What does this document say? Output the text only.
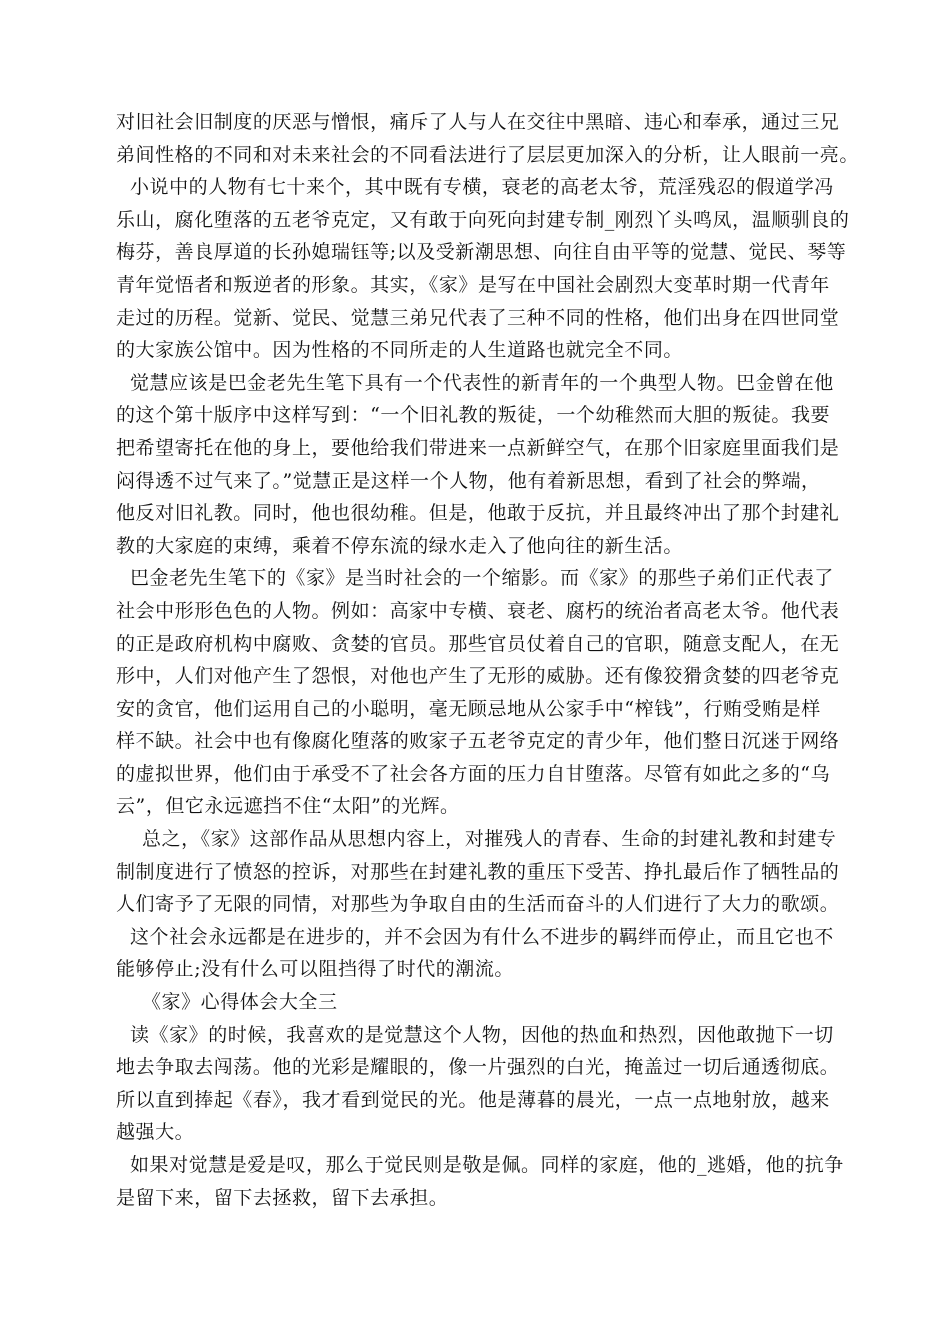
对旧社会旧制度的厌恶与憎恨，痛斥了人与人在交往中黑暗、违心和奉承，通过三兄
弟间性格的不同和对未来社会的不同看法进行了层层更加深入的分析，让人眼前一亮。
小说中的人物有七十来个，其中既有专横，衰老的高老太爷，荒淫残忍的假道学冯
乐山，腐化堕落的五老爷克定，又有敢于向死向封建专制_刚烈丫头鸣凤，温顺驯良的
梅芬，善良厚道的长孙媳瑞钰等;以及受新潮思想、向往自由平等的觉慧、觉民、琴等
青年觉悟者和叛逆者的形象。其实，《家》是写在中国社会剧烈大变革时期一代青年
走过的历程。觉新、觉民、觉慧三弟兄代表了三种不同的性格，他们出身在四世同堂
的大家族公馆中。因为性格的不同所走的人生道路也就完全不同。
觉慧应该是巴金老先生笔下具有一个代表性的新青年的一个典型人物。巴金曾在他
的这个第十版序中这样写到：“一个旧礼教的叛徒，一个幼稚然而大胆的叛徒。我要
把希望寄托在他的身上，要他给我们带进来一点新鲜空气，在那个旧家庭里面我们是
闷得透不过气来了。”觉慧正是这样一个人物，他有着新思想，看到了社会的弊端，
他反对旧礼教。同时，他也很幼稚。但是，他敢于反抗，并且最终冲出了那个封建礼
教的大家庭的束缚，乘着不停东流的绿水走入了他向往的新生活。
巴金老先生笔下的《家》是当时社会的一个缩影。而《家》的那些子弟们正代表了
社会中形形色色的人物。例如：高家中专横、衰老、腐朽的统治者高老太爷。他代表
的正是政府机构中腐败、贪婪的官员。那些官员仗着自己的官职，随意支配人，在无
形中，人们对他产生了怨恨，对他也产生了无形的威胁。还有像狡猾贪婪的四老爷克
安的贪官，他们运用自己的小聪明，毫无顾忌地从公家手中“榨钱”，行贿受贿是样
样不缺。社会中也有像腐化堕落的败家子五老爷克定的青少年，他们整日沉迷于网络
的虚拟世界，他们由于承受不了社会各方面的压力自甘堕落。尽管有如此之多的“乌
云”，但它永远遮挡不住“太阳”的光辉。
总之，《家》这部作品从思想内容上，对摧残人的青春、生命的封建礼教和封建专
制制度进行了愤怒的控诉，对那些在封建礼教的重压下受苦、挣扎最后作了牺牲品的
人们寄予了无限的同情，对那些为争取自由的生活而奋斗的人们进行了大力的歌颂。
这个社会永远都是在进步的，并不会因为有什么不进步的羁绊而停止，而且它也不
能够停止;没有什么可以阻挡得了时代的潮流。
《家》心得体会大全三
读《家》的时候，我喜欢的是觉慧这个人物，因他的热血和热烈，因他敢抛下一切
地去争取去闯荡。他的光彩是耀眼的，像一片强烈的白光，掩盖过一切后通透彻底。
所以直到捧起《春》，我才看到觉民的光。他是薄暮的晨光，一点一点地射放，越来
越强大。
如果对觉慧是爱是叹，那么于觉民则是敬是佩。同样的家庭，他的_逃婚，他的抗争
是留下来，留下去拯救，留下去承担。
